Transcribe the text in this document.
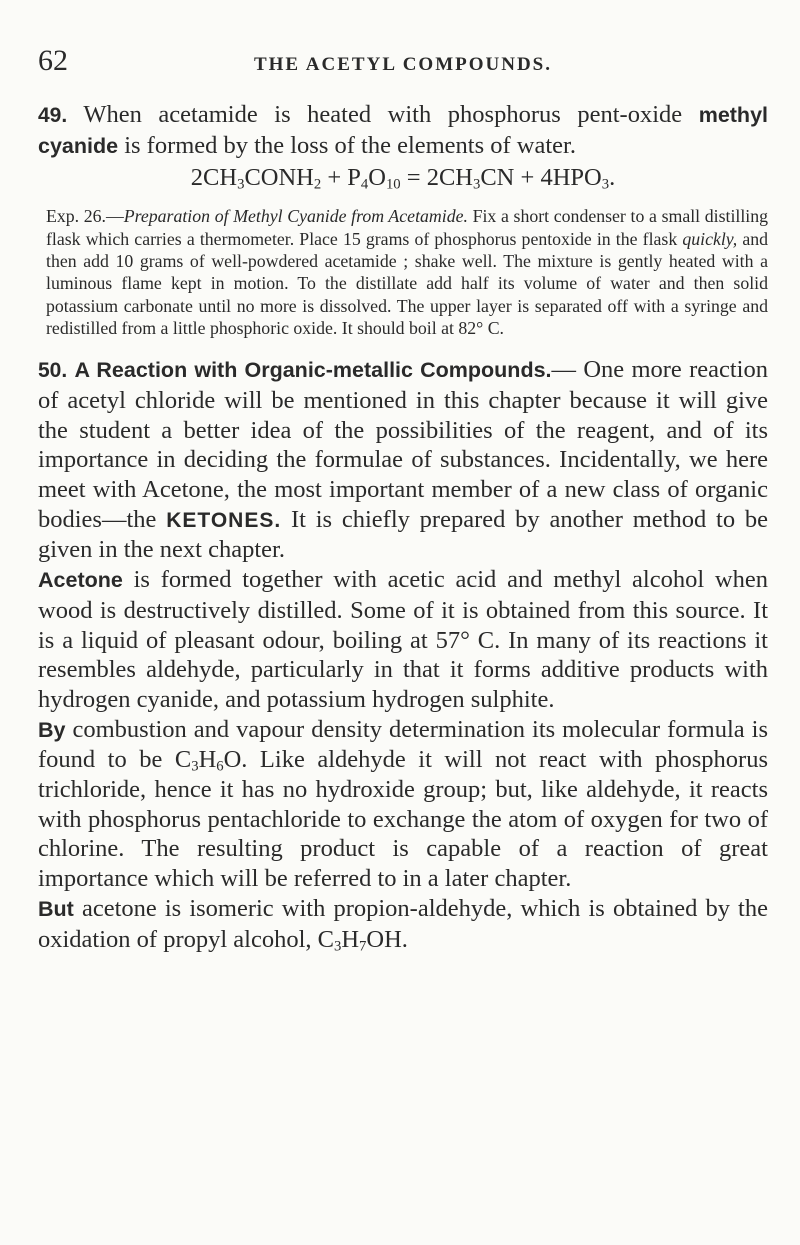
62	THE ACETYL COMPOUNDS.

49. When acetamide is heated with phosphorus pent-oxide methyl cyanide is formed by the loss of the elements of water.

$2CH_3CONH_2 + P_4O_{10} = 2CH_3CN + 4HPO_3$.

Exp. 26.—Preparation of Methyl Cyanide from Acetamide. Fix a short condenser to a small distilling flask which carries a thermometer. Place 15 grams of phosphorus pentoxide in the flask quickly, and then add 10 grams of well-powdered acetamide ; shake well. The mixture is gently heated with a luminous flame kept in motion. To the distillate add half its volume of water and then solid potassium carbonate until no more is dissolved. The upper layer is separated off with a syringe and redistilled from a little phosphoric oxide. It should boil at 82° C.

50. A Reaction with Organic-metallic Compounds.— One more reaction of acetyl chloride will be mentioned in this chapter because it will give the student a better idea of the possibilities of the reagent, and of its importance in deciding the formulae of substances. Incidentally, we here meet with Acetone, the most important member of a new class of organic bodies—the KETONES. It is chiefly prepared by another method to be given in the next chapter.

Acetone is formed together with acetic acid and methyl alcohol when wood is destructively distilled. Some of it is obtained from this source. It is a liquid of pleasant odour, boiling at 57° C. In many of its reactions it resembles aldehyde, particularly in that it forms additive products with hydrogen cyanide, and potassium hydrogen sulphite.

By combustion and vapour density determination its molecular formula is found to be $C_3H_6O$. Like aldehyde it will not react with phosphorus trichloride, hence it has no hydroxide group; but, like aldehyde, it reacts with phosphorus pentachloride to exchange the atom of oxygen for two of chlorine. The resulting product is capable of a reaction of great importance which will be referred to in a later chapter.

But acetone is isomeric with propion-aldehyde, which is obtained by the oxidation of propyl alcohol, $C_3H_7OH$.
